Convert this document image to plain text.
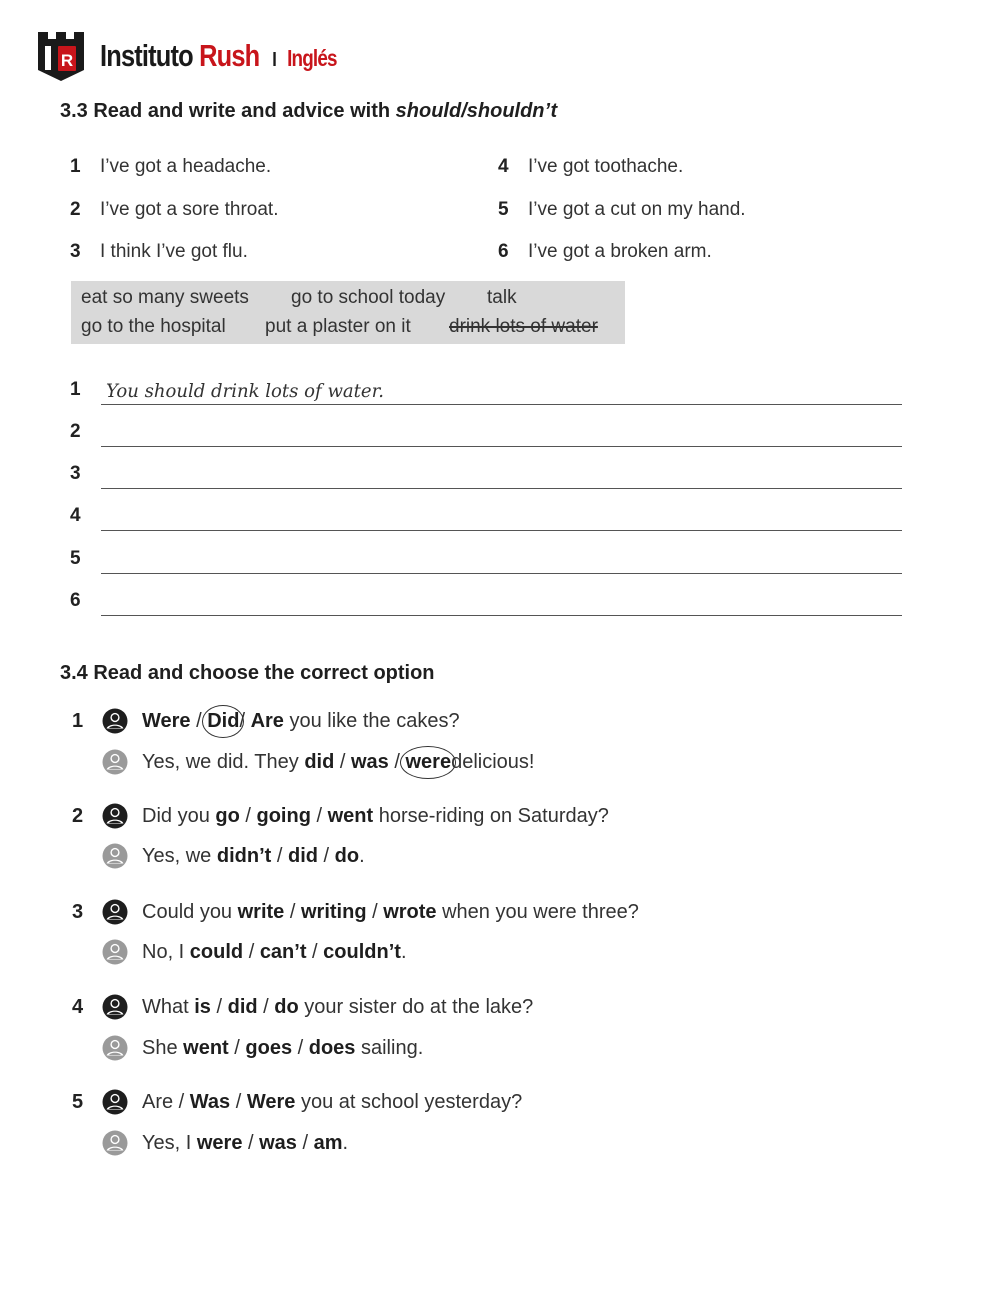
R Instituto Rush I Inglés
3.3 Read and write and advice with should/shouldn’t
1 I’ve got a headache.
2 I’ve got a sore throat.
3 I think I’ve got flu.
4 I’ve got toothache.
5 I’ve got a cut on my hand.
6 I’ve got a broken arm.
eat so many sweets go to school today talk
go to the hospital put a plaster on it drink lots of water
1 You should drink lots of water.
2
3
4
5
6
3.4 Read and choose the correct option
1	Were / Did/ Are you like the cakes?
Yes, we did. They did / was / weredelicious!
2	Did you go / going / went horse-riding on Saturday?
Yes, we didn’t / did / do.
3	Could you write / writing / wrote when you were three?
No, I could / can’t / couldn’t.
4	What is / did / do your sister do at the lake?
She went / goes / does sailing.
5	Are / Was / Were you at school yesterday?
Yes, I were / was / am.
